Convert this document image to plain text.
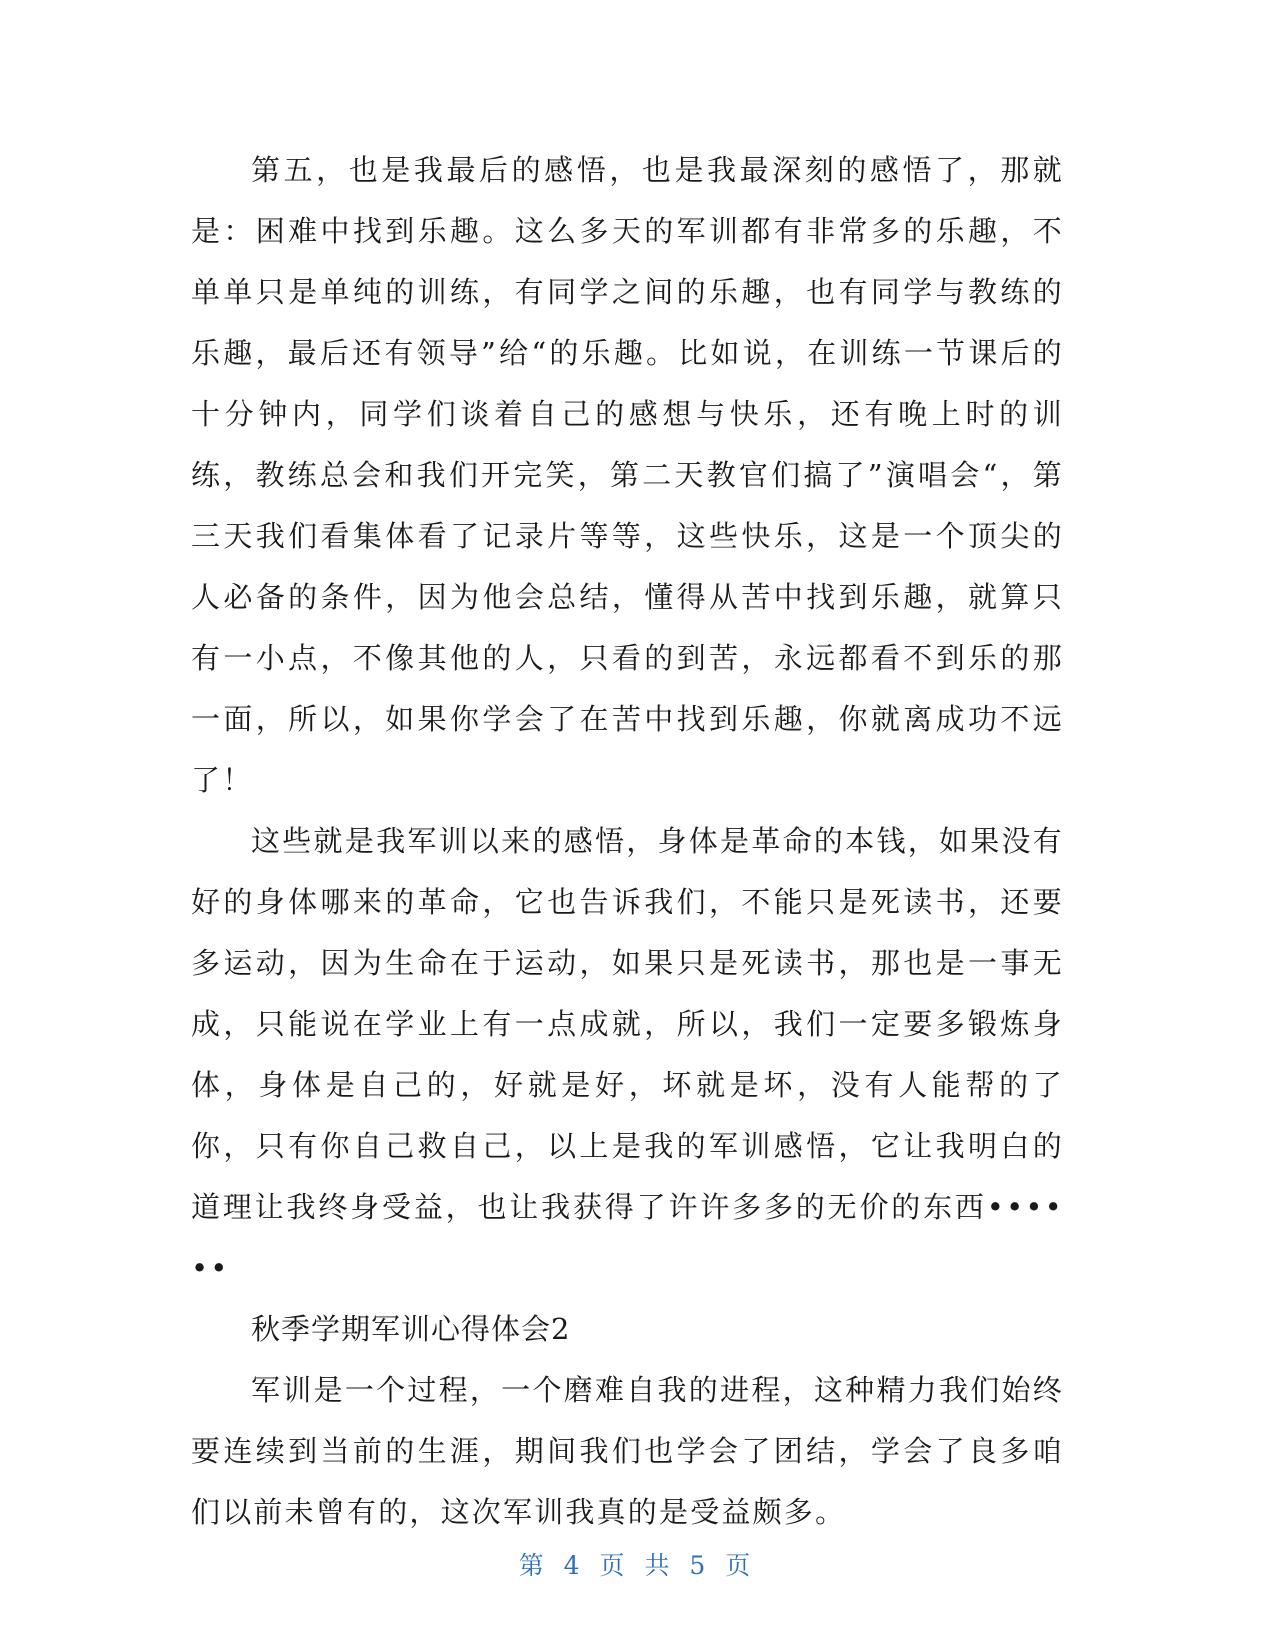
第五，也是我最后的感悟，也是我最深刻的感悟了，那就是：困难中找到乐趣。这么多天的军训都有非常多的乐趣，不单单只是单纯的训练，有同学之间的乐趣，也有同学与教练的乐趣，最后还有领导”给“的乐趣。比如说，在训练一节课后的十分钟内，同学们谈着自己的感想与快乐，还有晚上时的训练，教练总会和我们开完笑，第二天教官们搞了”演唱会“，第三天我们看集体看了记录片等等，这些快乐，这是一个顶尖的人必备的条件，因为他会总结，懂得从苦中找到乐趣，就算只有一小点，不像其他的人，只看的到苦，永远都看不到乐的那一面，所以，如果你学会了在苦中找到乐趣，你就离成功不远了！

这些就是我军训以来的感悟，身体是革命的本钱，如果没有好的身体哪来的革命，它也告诉我们，不能只是死读书，还要多运动，因为生命在于运动，如果只是死读书，那也是一事无成，只能说在学业上有一点成就，所以，我们一定要多锻炼身体，身体是自己的，好就是好，坏就是坏，没有人能帮的了你，只有你自己救自己，以上是我的军训感悟，它让我明白的道理让我终身受益，也让我获得了许许多多的无价的东西••••••

秋季学期军训心得体会2

军训是一个过程，一个磨难自我的进程，这种精力我们始终要连续到当前的生涯，期间我们也学会了团结，学会了良多咱们以前未曾有的，这次军训我真的是受益颇多。

第 4 页 共 5 页
